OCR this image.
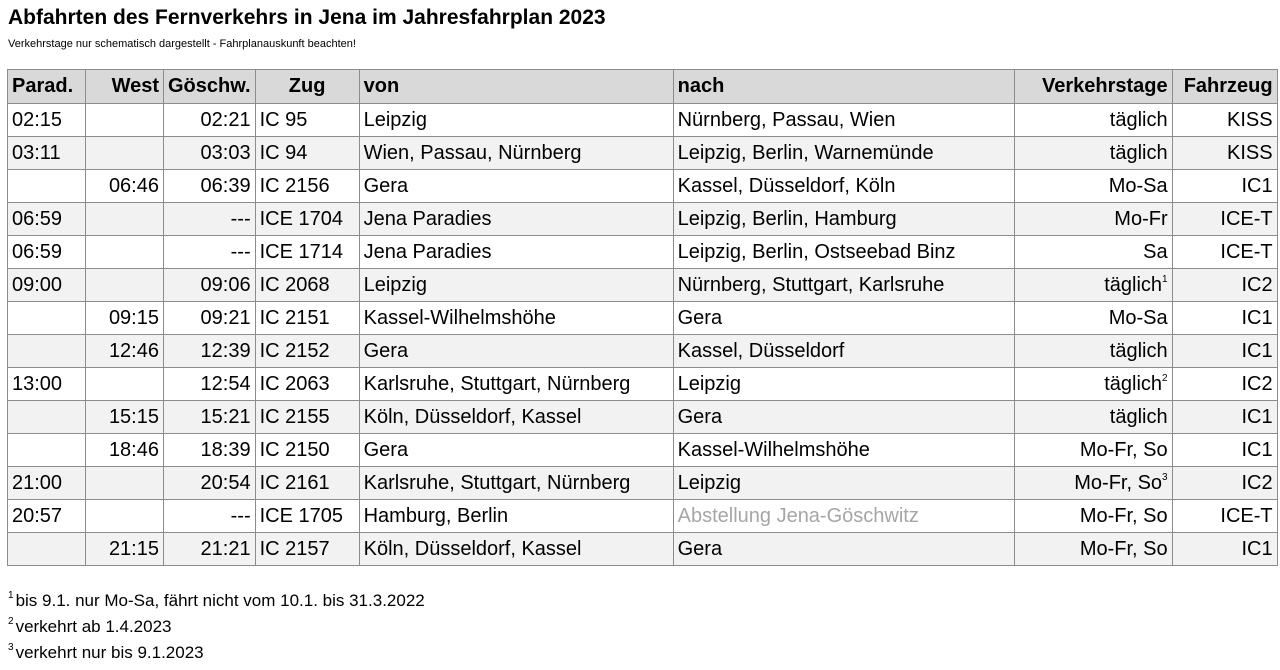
Abfahrten des Fernverkehrs in Jena im Jahresfahrplan 2023
Verkehrstage nur schematisch dargestellt - Fahrplanauskunft beachten!
Parad.	West	Göschw.	Zug	von	nach	Verkehrstage	Fahrzeug
02:15		02:21	IC 95	Leipzig	Nürnberg, Passau, Wien	täglich	KISS
03:11		03:03	IC 94	Wien, Passau, Nürnberg	Leipzig, Berlin, Warnemünde	täglich	KISS
	06:46	06:39	IC 2156	Gera	Kassel, Düsseldorf, Köln	Mo-Sa	IC1
06:59		---	ICE 1704	Jena Paradies	Leipzig, Berlin, Hamburg	Mo-Fr	ICE-T
06:59		---	ICE 1714	Jena Paradies	Leipzig, Berlin, Ostseebad Binz	Sa	ICE-T
09:00		09:06	IC 2068	Leipzig	Nürnberg, Stuttgart, Karlsruhe	täglich$^1$	IC2
	09:15	09:21	IC 2151	Kassel-Wilhelmshöhe	Gera	Mo-Sa	IC1
	12:46	12:39	IC 2152	Gera	Kassel, Düsseldorf	täglich	IC1
13:00		12:54	IC 2063	Karlsruhe, Stuttgart, Nürnberg	Leipzig	täglich$^2$	IC2
	15:15	15:21	IC 2155	Köln, Düsseldorf, Kassel	Gera	täglich	IC1
	18:46	18:39	IC 2150	Gera	Kassel-Wilhelmshöhe	Mo-Fr, So	IC1
21:00		20:54	IC 2161	Karlsruhe, Stuttgart, Nürnberg	Leipzig	Mo-Fr, So$^3$	IC2
20:57		---	ICE 1705	Hamburg, Berlin	Abstellung Jena-Göschwitz	Mo-Fr, So	ICE-T
	21:15	21:21	IC 2157	Köln, Düsseldorf, Kassel	Gera	Mo-Fr, So	IC1
$^1$ bis 9.1. nur Mo-Sa, fährt nicht vom 10.1. bis 31.3.2022
$^2$ verkehrt ab 1.4.2023
$^3$ verkehrt nur bis 9.1.2023
